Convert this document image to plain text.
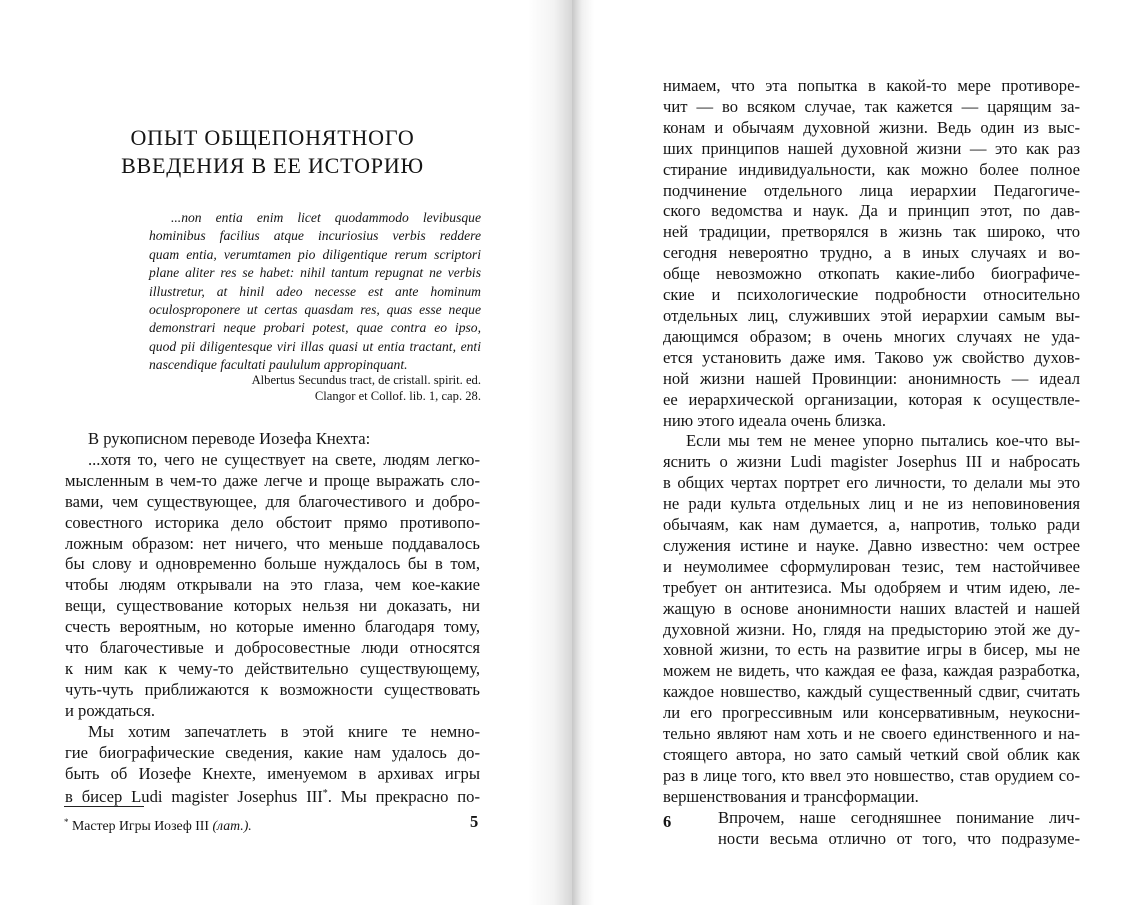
ОПЫТ ОБЩЕПОНЯТНОГО
ВВЕДЕНИЯ В ЕЕ ИСТОРИЮ
...non entia enim licet quodammodo levibusque
hominibus facilius atque incuriosius verbis reddere
quam entia, verumtamen pio diligentique rerum scriptori
plane aliter res se habet: nihil tantum repugnat ne verbis
illustretur, at hinil adeo necesse est ante hominum
oculosproponere ut certas quasdam res, quas esse neque
demonstrari neque probari potest, quae contra eo ipso,
quod pii diligentesque viri illas quasi ut entia tractant, enti
nascendique facultati paululum appropinquant.
Albertus Secundus tract, de cristall. spirit. ed.
Clangor et Collof. lib. 1, cap. 28.
В рукописном переводе Иозефа Кнехта:
...хотя то, чего не существует на свете, людям легко-
мысленным в чем-то даже легче и проще выражать сло-
вами, чем существующее, для благочестивого и добро-
совестного историка дело обстоит прямо противопо-
ложным образом: нет ничего, что меньше поддавалось
бы слову и одновременно больше нуждалось бы в том,
чтобы людям открывали на это глаза, чем кое-какие
вещи, существование которых нельзя ни доказать, ни
счесть вероятным, но которые именно благодаря тому,
что благочестивые и добросовестные люди относятся
к ним как к чему-то действительно существующему,
чуть-чуть приближаются к возможности существовать
и рождаться.
Мы хотим запечатлеть в этой книге те немно-
гие биографические сведения, какие нам удалось до-
быть об Иозефе Кнехте, именуемом в архивах игры
в бисер Ludi magister Josephus III*. Мы прекрасно по-

* Мастер Игры Иозеф III (лат.).	5
нимаем, что эта попытка в какой-то мере противоре-
чит — во всяком случае, так кажется — царящим за-
конам и обычаям духовной жизни. Ведь один из выс-
ших принципов нашей духовной жизни — это как раз
стирание индивидуальности, как можно более полное
подчинение отдельного лица иерархии Педагогиче-
ского ведомства и наук. Да и принцип этот, по дав-
ней традиции, претворялся в жизнь так широко, что
сегодня невероятно трудно, а в иных случаях и во-
обще невозможно откопать какие-либо биографиче-
ские и психологические подробности относительно
отдельных лиц, служивших этой иерархии самым вы-
дающимся образом; в очень многих случаях не уда-
ется установить даже имя. Таково уж свойство духов-
ной жизни нашей Провинции: анонимность — идеал
ее иерархической организации, которая к осуществле-
нию этого идеала очень близка.
Если мы тем не менее упорно пытались кое-что вы-
яснить о жизни Ludi magister Josephus III и набросать
в общих чертах портрет его личности, то делали мы это
не ради культа отдельных лиц и не из неповиновения
обычаям, как нам думается, а, напротив, только ради
служения истине и науке. Давно известно: чем острее
и неумолимее сформулирован тезис, тем настойчивее
требует он антитезиса. Мы одобряем и чтим идею, ле-
жащую в основе анонимности наших властей и нашей
духовной жизни. Но, глядя на предысторию этой же ду-
ховной жизни, то есть на развитие игры в бисер, мы не
можем не видеть, что каждая ее фаза, каждая разработка,
каждое новшество, каждый существенный сдвиг, считать
ли его прогрессивным или консервативным, неукосни-
тельно являют нам хоть и не своего единственного и на-
стоящего автора, но зато самый четкий свой облик как
раз в лице того, кто ввел это новшество, став орудием со-
вершенствования и трансформации.
Впрочем, наше сегодняшнее понимание лич-
ности весьма отлично от того, что подразуме-
6
